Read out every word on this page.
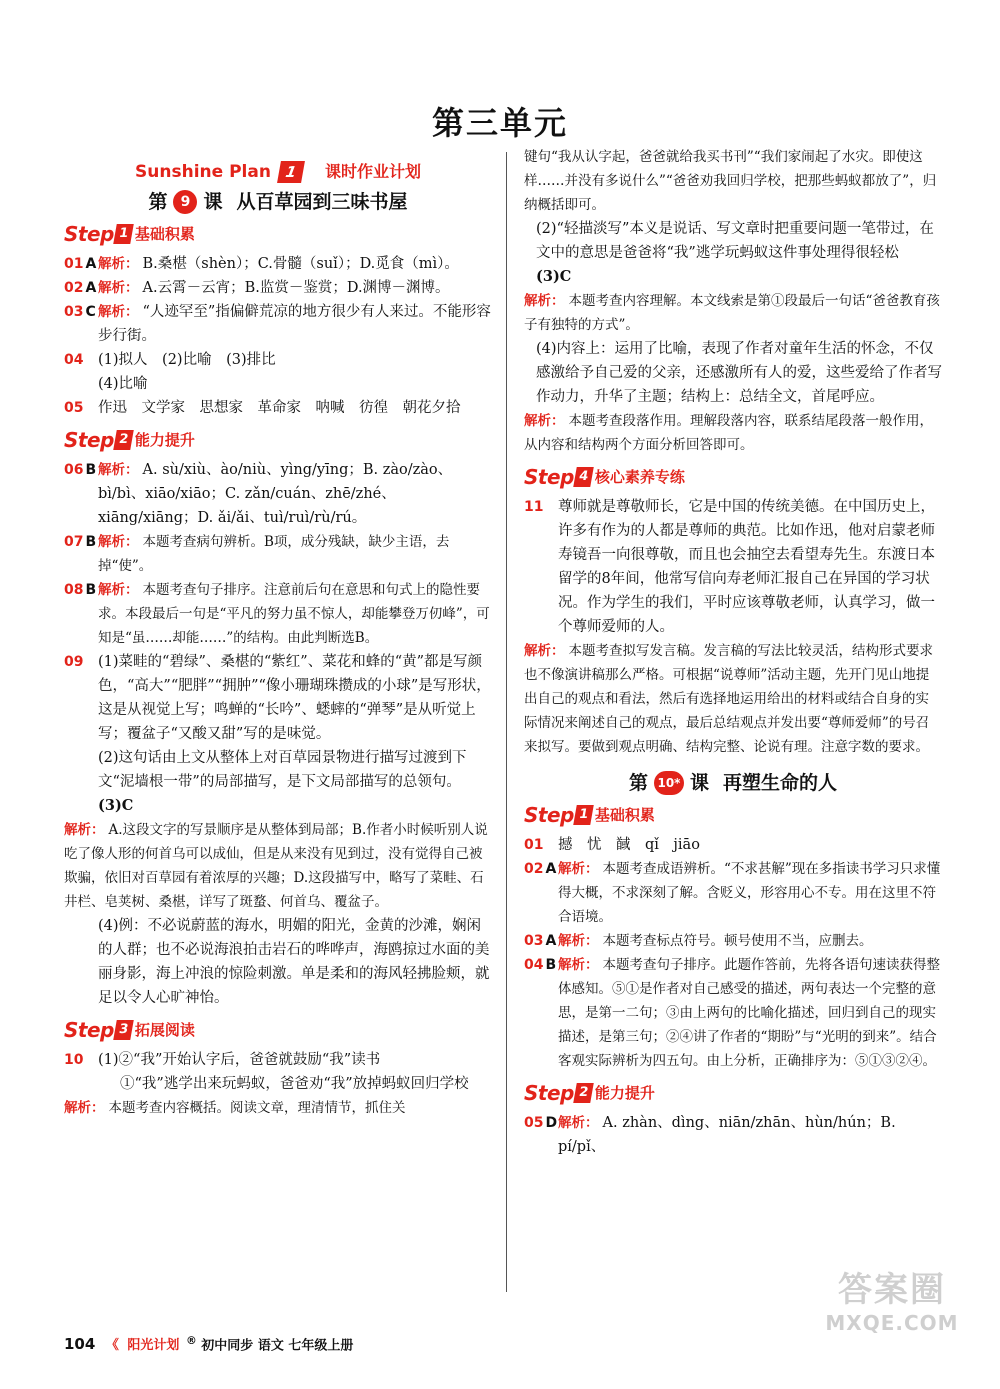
第三单元
Sunshine Plan 1	课时作业计划
第 9 课 从百草园到三味书屋
Step 1 基础积累
01 A 解析： B.桑椹（shèn）；C.骨髓（suǐ）；D.觅食（mì）。
02 A 解析： A.云霄－云宵；B.监赏－鉴赏；D.渊博－渊博。
03 C 解析： “人迹罕至”指偏僻荒凉的地方很少有人来过。不能形容步行街。
04	(1)拟人　(2)比喻　(3)排比
(4)比喻
05	作迅　文学家　思想家　革命家　呐喊　彷徨　朝花夕拾
Step 2 能力提升
06 B 解析： A. sù/xiù、ào/niù、yìng/yīng；B. zào/zào、bì/bì、xiāo/xiāo；C. zǎn/cuán、zhē/zhé、xiāng/xiāng；D. ǎi/ǎi、tuì/ruì/rù/rú。
07 B 解析： 本题考查病句辨析。B项，成分残缺，缺少主语，去掉“使”。
08 B 解析： 本题考查句子排序。注意前后句在意思和句式上的隐性要求。本段最后一句是“平凡的努力虽不惊人，却能攀登万仞峰”，可知是“虽……却能……”的结构。由此判断选B。
09	(1)菜畦的“碧绿”、桑椹的“紫红”、菜花和蜂的“黄”都是写颜色，“高大”“肥胖”“拥肿”“像小珊瑚珠攒成的小球”是写形状，这是从视觉上写；鸣蝉的“长吟”、蟋蟀的“弹琴”是从听觉上写；覆盆子“又酸又甜”写的是味觉。
(2)这句话由上文从整体上对百草园景物进行描写过渡到下文“泥墙根一带”的局部描写，是下文局部描写的总领句。
(3)C
解析： A.这段文字的写景顺序是从整体到局部；B.作者小时候听别人说吃了像人形的何首乌可以成仙，但是从来没有见到过，没有觉得自己被欺骗，依旧对百草园有着浓厚的兴趣；D.这段描写中，略写了菜畦、石井栏、皂荚树、桑椹，详写了斑蝥、何首乌、覆盆子。
(4)例：不必说蔚蓝的海水，明媚的阳光，金黄的沙滩，娴闲的人群；也不必说海浪拍击岩石的哗哗声，海鸥掠过水面的美丽身影，海上冲浪的惊险刺激。单是柔和的海风轻拂脸颊，就足以令人心旷神怡。
Step 3 拓展阅读
10	(1)②“我”开始认字后，爸爸就鼓励“我”读书
①“我”逃学出来玩蚂蚁，爸爸劝“我”放掉蚂蚁回归学校
解析： 本题考查内容概括。阅读文章，理清情节，抓住关
键句“我从认字起，爸爸就给我买书刊”“我们家闹起了水灾。即使这样……并没有多说什么”“爸爸劝我回归学校，把那些蚂蚁都放了”，归纳概括即可。
(2)“轻描淡写”本义是说话、写文章时把重要问题一笔带过，在文中的意思是爸爸将“我”逃学玩蚂蚁这件事处理得很轻松
(3)C
解析： 本题考查内容理解。本文线索是第①段最后一句话“爸爸教育孩子有独特的方式”。
(4)内容上：运用了比喻，表现了作者对童年生活的怀念，不仅感激给予自己爱的父亲，还感激所有人的爱，这些爱给了作者写作动力，升华了主题；结构上：总结全文，首尾呼应。
解析： 本题考查段落作用。理解段落内容，联系结尾段落一般作用，从内容和结构两个方面分析回答即可。
Step 4 核心素养专练
11	尊师就是尊敬师长，它是中国的传统美德。在中国历史上，许多有作为的人都是尊师的典范。比如作迅，他对启蒙老师寿镜吾一向很尊敬，而且也会抽空去看望寿先生。东渡日本留学的8年间，他常写信向寿老师汇报自己在异国的学习状况。作为学生的我们，平时应该尊敬老师，认真学习，做一个尊师爱师的人。
解析： 本题考查拟写发言稿。发言稿的写法比较灵活，结构形式要求也不像演讲稿那么严格。可根据“说尊师”活动主题，先开门见山地提出自己的观点和看法，然后有选择地运用给出的材料或结合自身的实际情况来阐述自己的观点，最后总结观点并发出要“尊师爱师”的号召来拟写。要做到观点明确、结构完整、论说有理。注意字数的要求。
第 10* 课 再塑生命的人
Step 1 基础积累
01	撼　忧　馘　qǐ　jiāo
02 A 解析： 本题考查成语辨析。“不求甚解”现在多指读书学习只求懂得大概，不求深刻了解。含贬义，形容用心不专。用在这里不符合语境。
03 A 解析： 本题考查标点符号。顿号使用不当，应删去。
04 B 解析： 本题考查句子排序。此题作答前，先将各语句速读获得整体感知。⑤①是作者对自己感受的描述，两句表达一个完整的意思，是第一二句；③由上两句的比喻化描述，回归到自己的现实描述，是第三句；②④讲了作者的“期盼”与“光明的到来”。结合客观实际辨析为四五句。由上分析，正确排序为：⑤①③②④。
Step 2 能力提升
05 D 解析： A. zhàn、dìng、niān/zhān、hùn/hún；B. pí/pǐ、
104 《 阳光计划 ® 初中同步 语文 七年级上册
答案圈
MXQE.COM
